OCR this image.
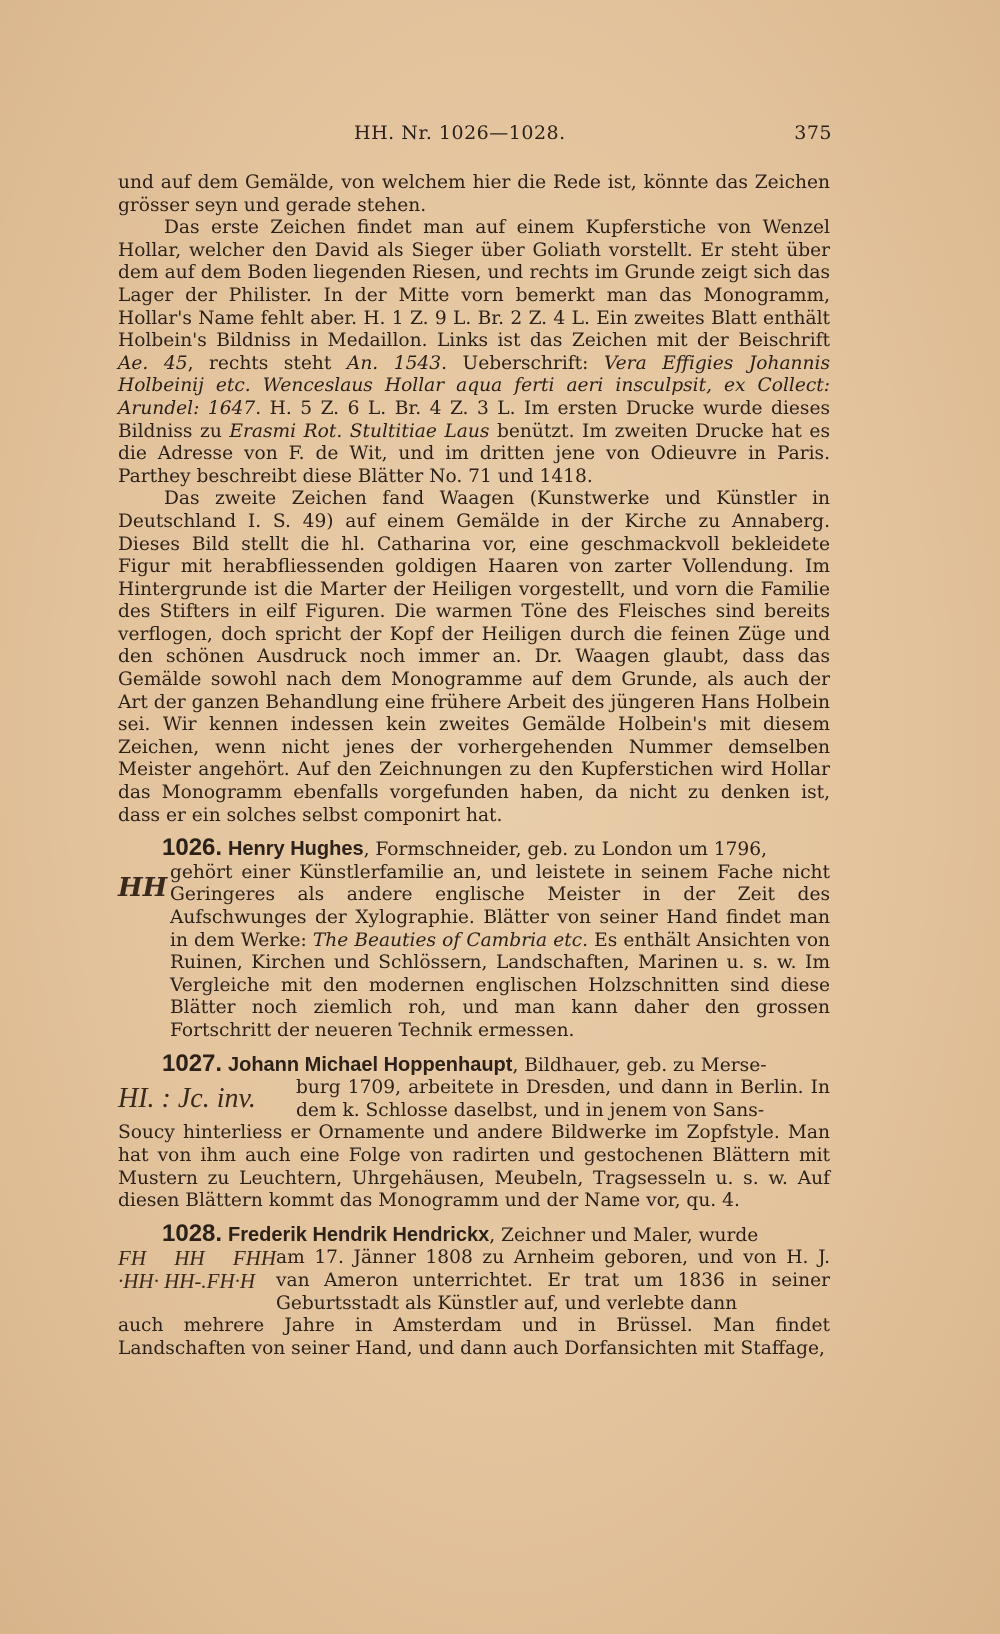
HH. Nr. 1026—1028.	375

und auf dem Gemälde, von welchem hier die Rede ist, könnte das Zeichen grösser seyn und gerade stehen.

Das erste Zeichen findet man auf einem Kupferstiche von Wenzel Hollar, welcher den David als Sieger über Goliath vorstellt. Er steht über dem auf dem Boden liegenden Riesen, und rechts im Grunde zeigt sich das Lager der Philister. In der Mitte vorn bemerkt man das Monogramm, Hollar's Name fehlt aber. H. 1 Z. 9 L. Br. 2 Z. 4 L. Ein zweites Blatt enthält Holbein's Bildniss in Medaillon. Links ist das Zeichen mit der Beischrift Ae. 45, rechts steht An. 1543. Ueberschrift: Vera Effigies Johannis Holbeinij etc. Wenceslaus Hollar aqua ferti aeri insculpsit, ex Collect: Arundel: 1647. H. 5 Z. 6 L. Br. 4 Z. 3 L. Im ersten Drucke wurde dieses Bildniss zu Erasmi Rot. Stultitiae Laus benützt. Im zweiten Drucke hat es die Adresse von F. de Wit, und im dritten jene von Odieuvre in Paris. Parthey beschreibt diese Blätter No. 71 und 1418.

Das zweite Zeichen fand Waagen (Kunstwerke und Künstler in Deutschland I. S. 49) auf einem Gemälde in der Kirche zu Annaberg. Dieses Bild stellt die hl. Catharina vor, eine geschmackvoll bekleidete Figur mit herabfliessenden goldigen Haaren von zarter Vollendung. Im Hintergrunde ist die Marter der Heiligen vorgestellt, und vorn die Familie des Stifters in eilf Figuren. Die warmen Töne des Fleisches sind bereits verflogen, doch spricht der Kopf der Heiligen durch die feinen Züge und den schönen Ausdruck noch immer an. Dr. Waagen glaubt, dass das Gemälde sowohl nach dem Monogramme auf dem Grunde, als auch der Art der ganzen Behandlung eine frühere Arbeit des jüngeren Hans Holbein sei. Wir kennen indessen kein zweites Gemälde Holbein's mit diesem Zeichen, wenn nicht jenes der vorhergehenden Nummer demselben Meister angehört. Auf den Zeichnungen zu den Kupferstichen wird Hollar das Monogramm ebenfalls vorgefunden haben, da nicht zu denken ist, dass er ein solches selbst componirt hat.

1026. Henry Hughes, Formschneider, geb. zu London um 1796,

HH

gehört einer Künstlerfamilie an, und leistete in seinem Fache nicht Geringeres als andere englische Meister in der Zeit des Aufschwunges der Xylographie. Blätter von seiner Hand findet man in dem Werke: The Beauties of Cambria etc. Es enthält Ansichten von Ruinen, Kirchen und Schlössern, Landschaften, Marinen u. s. w. Im Vergleiche mit den modernen englischen Holzschnitten sind diese Blätter noch ziemlich roh, und man kann daher den grossen Fortschritt der neueren Technik ermessen.

1027. Johann Michael Hoppenhaupt, Bildhauer, geb. zu Merse-

HI. : Jc. inv.	burg 1709, arbeitete in Dresden, und dann in Berlin. In dem k. Schlosse daselbst, und in jenem von Sans-

Soucy hinterliess er Ornamente und andere Bildwerke im Zopfstyle. Man hat von ihm auch eine Folge von radirten und gestochenen Blättern mit Mustern zu Leuchtern, Uhrgehäusen, Meubeln, Tragsesseln u. s. w. Auf diesen Blättern kommt das Monogramm und der Name vor, qu. 4.

1028. Frederik Hendrik Hendrickx, Zeichner und Maler, wurde

FH HH FHH ·HH· HH-.FH·H

am 17. Jänner 1808 zu Arnheim geboren, und von H. J. van Ameron unterrichtet. Er trat um 1836 in seiner Geburtsstadt als Künstler auf, und verlebte dann

auch mehrere Jahre in Amsterdam und in Brüssel. Man findet Landschaften von seiner Hand, und dann auch Dorfansichten mit Staffage,
